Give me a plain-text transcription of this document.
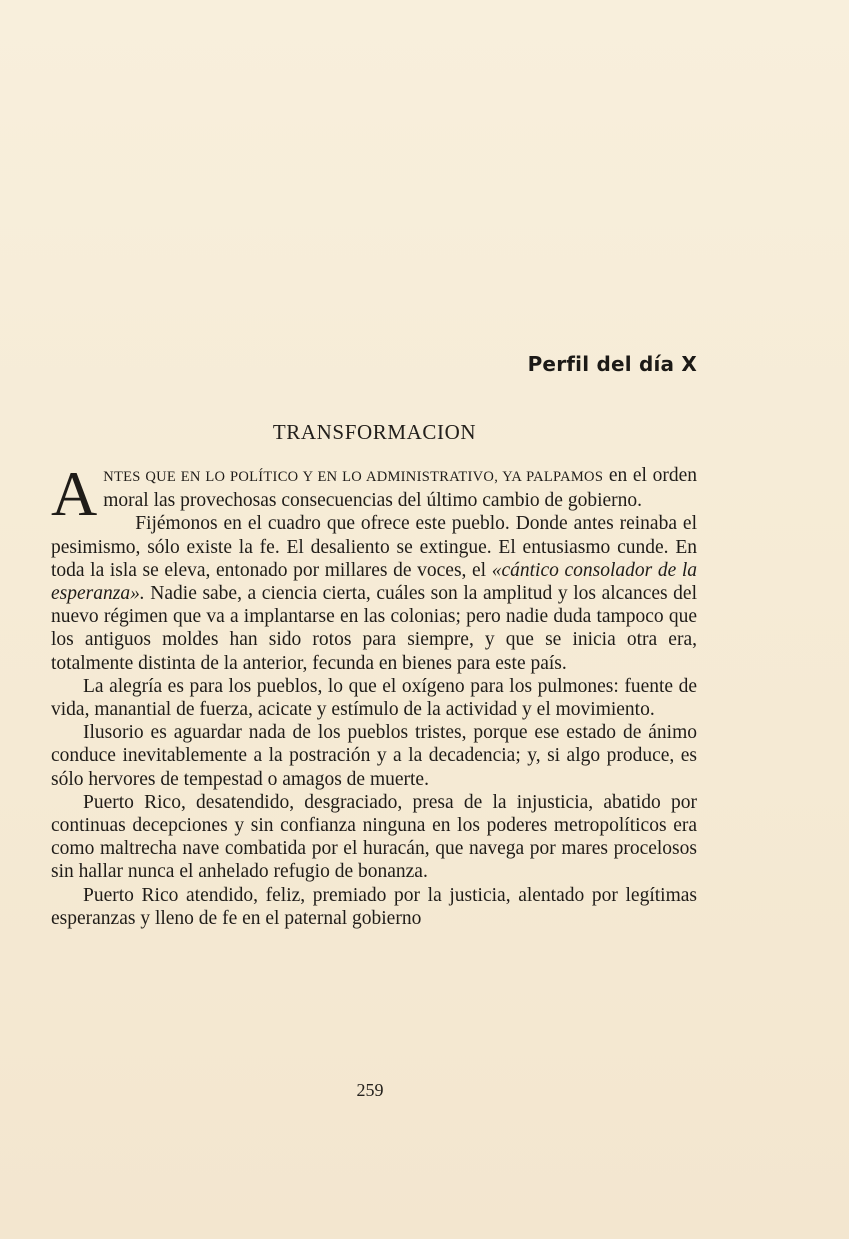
Perfil del día X
TRANSFORMACION

ANTES QUE EN LO POLÍTICO Y EN LO ADMINISTRATIVO, YA PALPAMOS en el orden moral las provechosas consecuencias del último cambio de gobierno.

Fijémonos en el cuadro que ofrece este pueblo. Donde antes reinaba el pesimismo, sólo existe la fe. El desaliento se extingue. El entusiasmo cunde. En toda la isla se eleva, entonado por millares de voces, el «cántico consolador de la esperanza». Nadie sabe, a ciencia cierta, cuáles son la amplitud y los alcances del nuevo régimen que va a implantarse en las colonias; pero nadie duda tampoco que los antiguos moldes han sido rotos para siempre, y que se inicia otra era, totalmente distinta de la anterior, fecunda en bienes para este país.

La alegría es para los pueblos, lo que el oxígeno para los pulmones: fuente de vida, manantial de fuerza, acicate y estímulo de la actividad y el movimiento.

Ilusorio es aguardar nada de los pueblos tristes, porque ese estado de ánimo conduce inevitablemente a la postración y a la decadencia; y, si algo produce, es sólo hervores de tempestad o amagos de muerte.

Puerto Rico, desatendido, desgraciado, presa de la injusticia, abatido por continuas decepciones y sin confianza ninguna en los poderes metropolíticos era como maltrecha nave combatida por el huracán, que navega por mares procelosos sin hallar nunca el anhelado refugio de bonanza.

Puerto Rico atendido, feliz, premiado por la justicia, alentado por legítimas esperanzas y lleno de fe en el paternal gobierno

259
